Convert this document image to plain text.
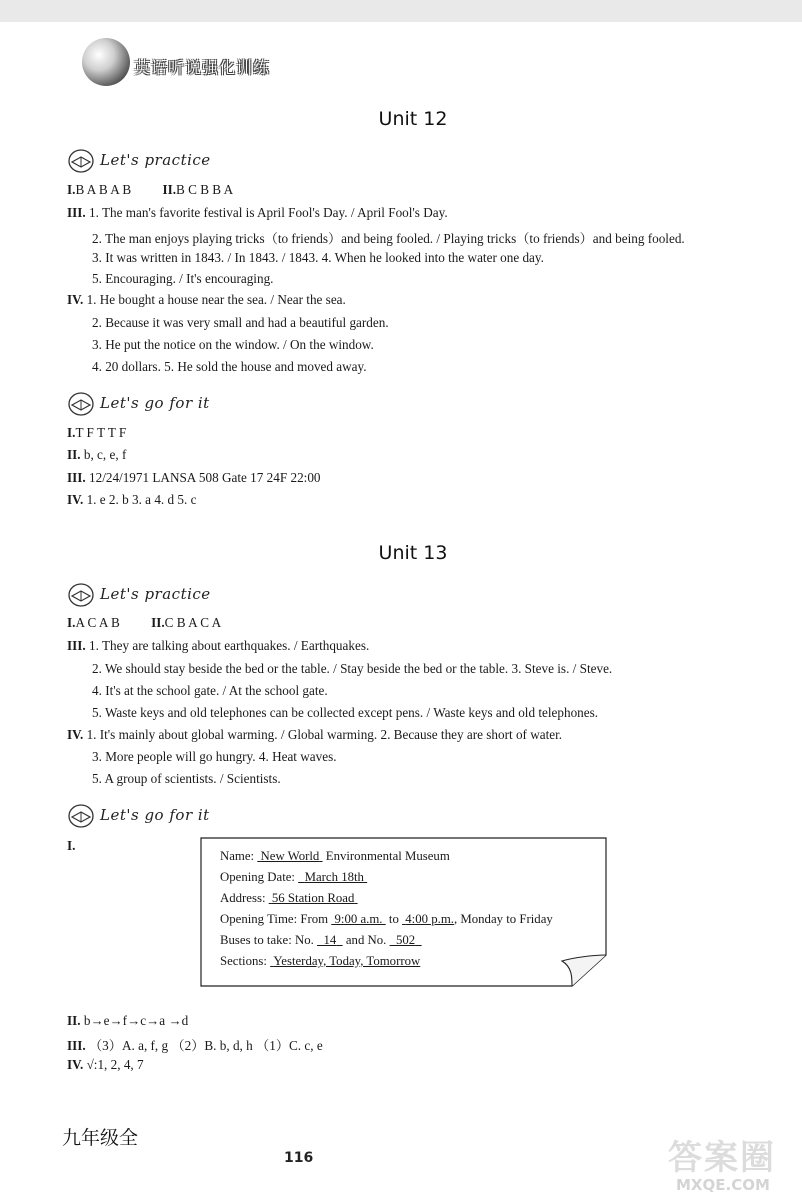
英语听说强化训练
Unit 12
Let's practice
I.B A B A B II.B C B B A
III. 1. The man's favorite festival is April Fool's Day. / April Fool's Day.
2. The man enjoys playing tricks（to friends）and being fooled. / Playing tricks（to friends）and being fooled.
3. It was written in 1843. / In 1843. / 1843. 4. When he looked into the water one day.
5. Encouraging. / It's encouraging.
IV. 1. He bought a house near the sea. / Near the sea.
2. Because it was very small and had a beautiful garden.
3. He put the notice on the window. / On the window.
4. 20 dollars. 5. He sold the house and moved away.
Let's go for it
I.T F T T F
II. b, c, e, f
III. 12/24/1971 LANSA 508 Gate 17 24F 22:00
IV. 1. e 2. b 3. a 4. d 5. c
Unit 13
Let's practice
I.A C A B II.C B A C A
III. 1. They are talking about earthquakes. / Earthquakes.
2. We should stay beside the bed or the table. / Stay beside the bed or the table. 3. Steve is. / Steve.
4. It's at the school gate. / At the school gate.
5. Waste keys and old telephones can be collected except pens. / Waste keys and old telephones.
IV. 1. It's mainly about global warming. / Global warming. 2. Because they are short of water.
3. More people will go hungry. 4. Heat waves.
5. A group of scientists. / Scientists.
Let's go for it
I.
Name: New World Environmental Museum
Opening Date: March 18th
Address: 56 Station Road
Opening Time: From 9:00 a.m. to 4:00 p.m., Monday to Friday
Buses to take: No. 14 and No. 502
Sections: Yesterday, Today, Tomorrow
II. b→e→f→c→a →d
III. （3）A. a, f, g （2）B. b, d, h （1）C. c, e
IV. √:1, 2, 4, 7
九年级全
116	答案圈
MXQE.COM
